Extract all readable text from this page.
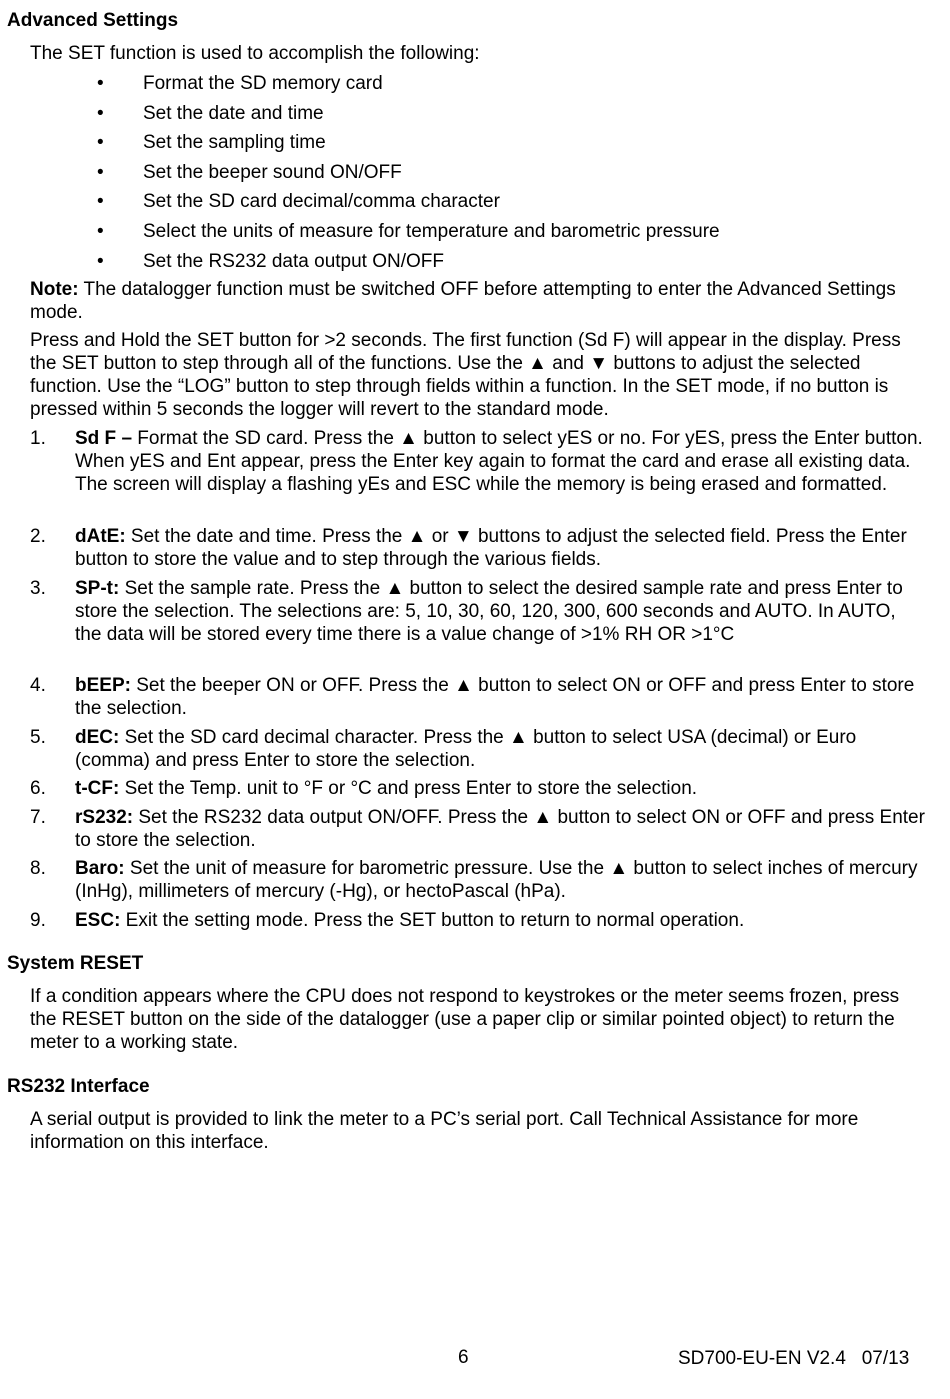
Advanced Settings

The SET function is used to accomplish the following:

• Format the SD memory card
• Set the date and time
• Set the sampling time
• Set the beeper sound ON/OFF
• Set the SD card decimal/comma character
• Select the units of measure for temperature and barometric pressure
• Set the RS232 data output ON/OFF

Note: The datalogger function must be switched OFF before attempting to enter the Advanced Settings mode.

Press and Hold the SET button for >2 seconds. The first function (Sd F) will appear in the display. Press the SET button to step through all of the functions. Use the ▲ and ▼ buttons to adjust the selected function. Use the “LOG” button to step through fields within a function. In the SET mode, if no button is pressed within 5 seconds the logger will revert to the standard mode.

1. Sd F – Format the SD card. Press the ▲ button to select yES or no. For yES, press the Enter button. When yES and Ent appear, press the Enter key again to format the card and erase all existing data. The screen will display a flashing yEs and ESC while the memory is being erased and formatted.
2. dAtE: Set the date and time. Press the ▲ or ▼ buttons to adjust the selected field. Press the Enter button to store the value and to step through the various fields.
3. SP-t: Set the sample rate. Press the ▲ button to select the desired sample rate and press Enter to store the selection. The selections are: 5, 10, 30, 60, 120, 300, 600 seconds and AUTO. In AUTO, the data will be stored every time there is a value change of >1% RH OR >1°C
4. bEEP: Set the beeper ON or OFF. Press the ▲ button to select ON or OFF and press Enter to store the selection.
5. dEC: Set the SD card decimal character. Press the ▲ button to select USA (decimal) or Euro (comma) and press Enter to store the selection.
6. t-CF: Set the Temp. unit to °F or °C and press Enter to store the selection.
7. rS232: Set the RS232 data output ON/OFF. Press the ▲ button to select ON or OFF and press Enter to store the selection.
8. Baro: Set the unit of measure for barometric pressure. Use the ▲ button to select inches of mercury (InHg), millimeters of mercury (-Hg), or hectoPascal (hPa).
9. ESC: Exit the setting mode. Press the SET button to return to normal operation.
System RESET

If a condition appears where the CPU does not respond to keystrokes or the meter seems frozen, press the RESET button on the side of the datalogger (use a paper clip or similar pointed object) to return the meter to a working state.

RS232 Interface

A serial output is provided to link the meter to a PC’s serial port. Call Technical Assistance for more information on this interface.

6	SD700-EU-EN V2.4   07/13
